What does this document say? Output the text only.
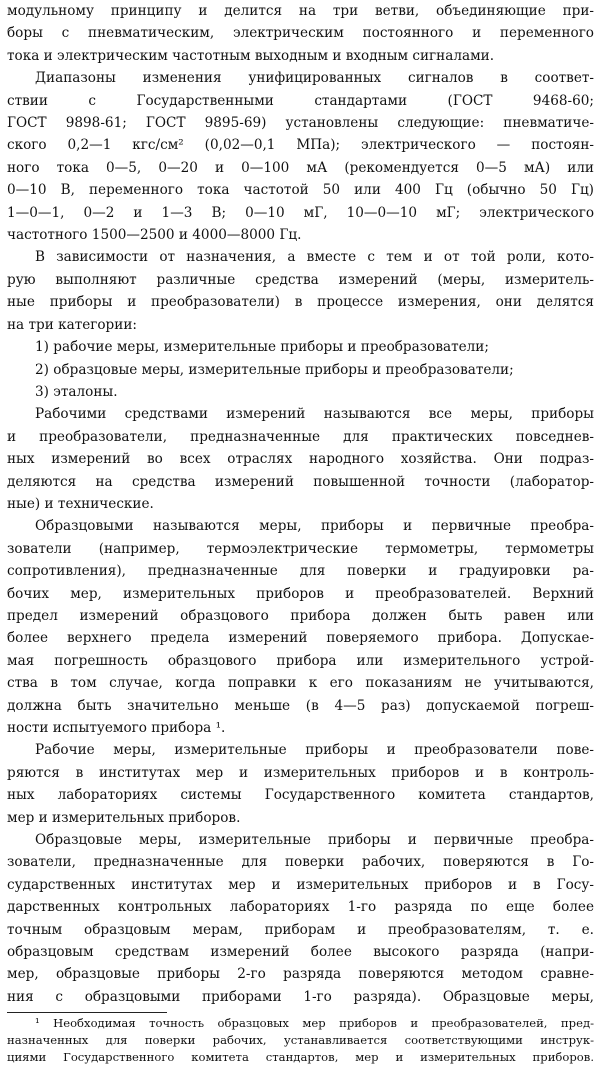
модульному принципу и делится на три ветви, объединяющие при-
боры с пневматическим, электрическим постоянного и переменного
тока и электрическим частотным выходным и входным сигналами.
Диапазоны изменения унифицированных сигналов в соответ-
ствии с Государственными стандартами (ГОСТ 9468-60;
ГОСТ 9898-61; ГОСТ 9895-69) установлены следующие: пневматиче-
ского 0,2—1 кгс/см² (0,02—0,1 МПа); электрического — постоян-
ного тока 0—5, 0—20 и 0—100 мА (рекомендуется 0—5 мА) или
0—10 В, переменного тока частотой 50 или 400 Гц (обычно 50 Гц)
1—0—1, 0—2 и 1—3 В; 0—10 мГ, 10—0—10 мГ; электрического
частотного 1500—2500 и 4000—8000 Гц.
В зависимости от назначения, а вместе с тем и от той роли, кото-
рую выполняют различные средства измерений (меры, измеритель-
ные приборы и преобразователи) в процессе измерения, они делятся
на три категории:
1) рабочие меры, измерительные приборы и преобразователи;
2) образцовые меры, измерительные приборы и преобразователи;
3) эталоны.
Рабочими средствами измерений называются все меры, приборы
и преобразователи, предназначенные для практических повседнев-
ных измерений во всех отраслях народного хозяйства. Они подраз-
деляются на средства измерений повышенной точности (лаборатор-
ные) и технические.
Образцовыми называются меры, приборы и первичные преобра-
зователи (например, термоэлектрические термометры, термометры
сопротивления), предназначенные для поверки и градуировки ра-
бочих мер, измерительных приборов и преобразователей. Верхний
предел измерений образцового прибора должен быть равен или
более верхнего предела измерений поверяемого прибора. Допускае-
мая погрешность образцового прибора или измерительного устрой-
ства в том случае, когда поправки к его показаниям не учитываются,
должна быть значительно меньше (в 4—5 раз) допускаемой погреш-
ности испытуемого прибора ¹.
Рабочие меры, измерительные приборы и преобразователи пове-
ряются в институтах мер и измерительных приборов и в контроль-
ных лабораториях системы Государственного комитета стандартов,
мер и измерительных приборов.
Образцовые меры, измерительные приборы и первичные преобра-
зователи, предназначенные для поверки рабочих, поверяются в Го-
сударственных институтах мер и измерительных приборов и в Госу-
дарственных контрольных лабораториях 1-го разряда по еще более
точным образцовым мерам, приборам и преобразователям, т. е.
образцовым средствам измерений более высокого разряда (напри-
мер, образцовые приборы 2-го разряда поверяются методом сравне-
ния с образцовыми приборами 1-го разряда). Образцовые меры,
¹ Необходимая точность образцовых мер приборов и преобразователей, пред-
назначенных для поверки рабочих, устанавливается соответствующими инструк-
циями Государственного комитета стандартов, мер и измерительных приборов.
